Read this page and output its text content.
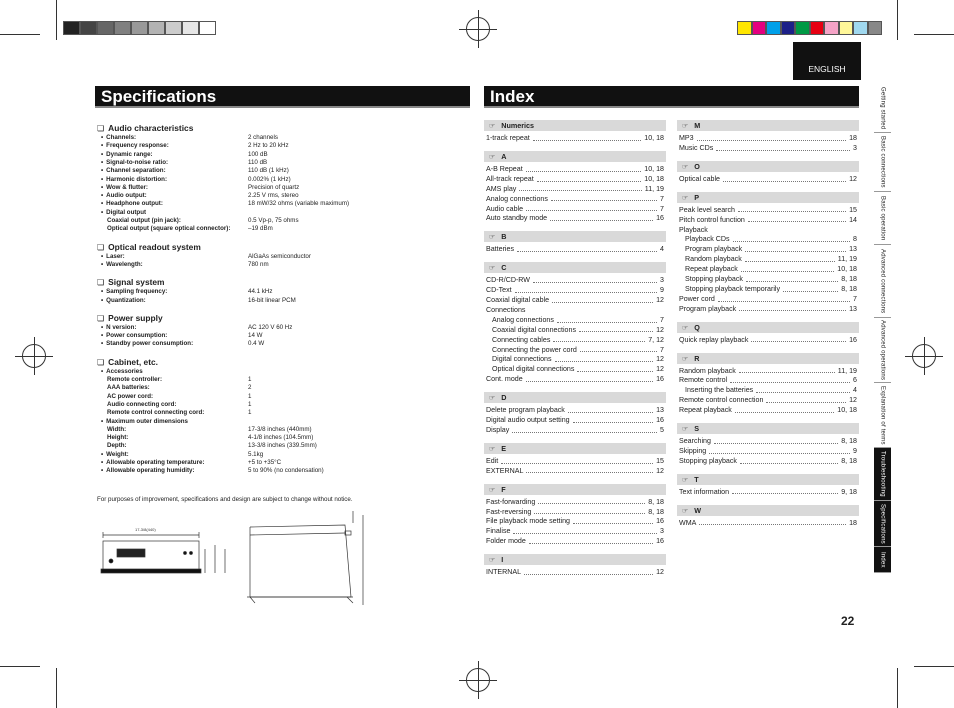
ENGLISH
Specifications	Index
❏ Audio characteristics
• Channels:	2 channels
• Frequency response:	2 Hz to 20 kHz
• Dynamic range:	100 dB
• Signal-to-noise ratio:	110 dB
• Channel separation:	110 dB (1 kHz)
• Harmonic distortion:	0.002% (1 kHz)
• Wow & flutter:	Precision of quartz
• Audio output:	2.25 V rms, stereo
• Headphone output:	18 mW/32 ohms (variable maximum)
• Digital output
Coaxial output (pin jack):	0.5 Vp-p, 75 ohms
Optical output (square optical connector):	–19 dBm
❏ Optical readout system
• Laser:	AlGaAs semiconductor
• Wavelength:	780 nm
❏ Signal system
• Sampling frequency:	44.1 kHz
• Quantization:	16-bit linear PCM
❏ Power supply
• N version:	AC 120 V 60 Hz
• Power consumption:	14 W
• Standby power consumption:	0.4 W
❏ Cabinet, etc.
• Accessories
Remote controller:	1
AAA batteries:	2
AC power cord:	1
Audio connecting cord:	1
Remote control connecting cord:	1
• Maximum outer dimensions
Width:	17-3/8 inches (440mm)
Height:	4-1/8 inches (104.5mm)
Depth:	13-3/8 inches (339.5mm)
• Weight:	5.1kg
• Allowable operating temperature:	+5 to +35°C
• Allowable operating humidity:	5 to 90% (no condensation)
For purposes of improvement, specifications and design are subject to change without notice.
17-3/8(440)
☞ Numerics
1-track repeat	10, 18
☞ A
A-B Repeat	10, 18
All-track repeat	10, 18
AMS play	11, 19
Analog connections	7
Audio cable	7
Auto standby mode	16
☞ B
Batteries	4
☞ C
CD-R/CD-RW	3
CD-Text	9
Coaxial digital cable	12
Connections
Analog connections	7
Coaxial digital connections	12
Connecting cables	7, 12
Connecting the power cord	7
Digital connections	12
Optical digital connections	12
Cont. mode	16
☞ D
Delete program playback	13
Digital audio output setting	16
Display	5
☞ E
Edit	15
EXTERNAL	12
☞ F
Fast-forwarding	8, 18
Fast-reversing	8, 18
File playback mode setting	16
Finalise	3
Folder mode	16
☞ I
INTERNAL	12
☞ M
MP3	18
Music CDs	3
☞ O
Optical cable	12
☞ P
Peak level search	15
Pitch control function	14
Playback
Playback CDs	8
Program playback	13
Random playback	11, 19
Repeat playback	10, 18
Stopping playback	8, 18
Stopping playback temporarily	8, 18
Power cord	7
Program playback	13
☞ Q
Quick replay playback	16
☞ R
Random playback	11, 19
Remote control	6
Inserting the batteries	4
Remote control connection	12
Repeat playback	10, 18
☞ S
Searching	8, 18
Skipping	9
Stopping playback	8, 18
☞ T
Text information	9, 18
☞ W
WMA	18
22
Getting started
Basic connections
Basic operation
Advanced connections
Advanced operations
Explanation of terms
Troubleshooting
Specifications
Index
